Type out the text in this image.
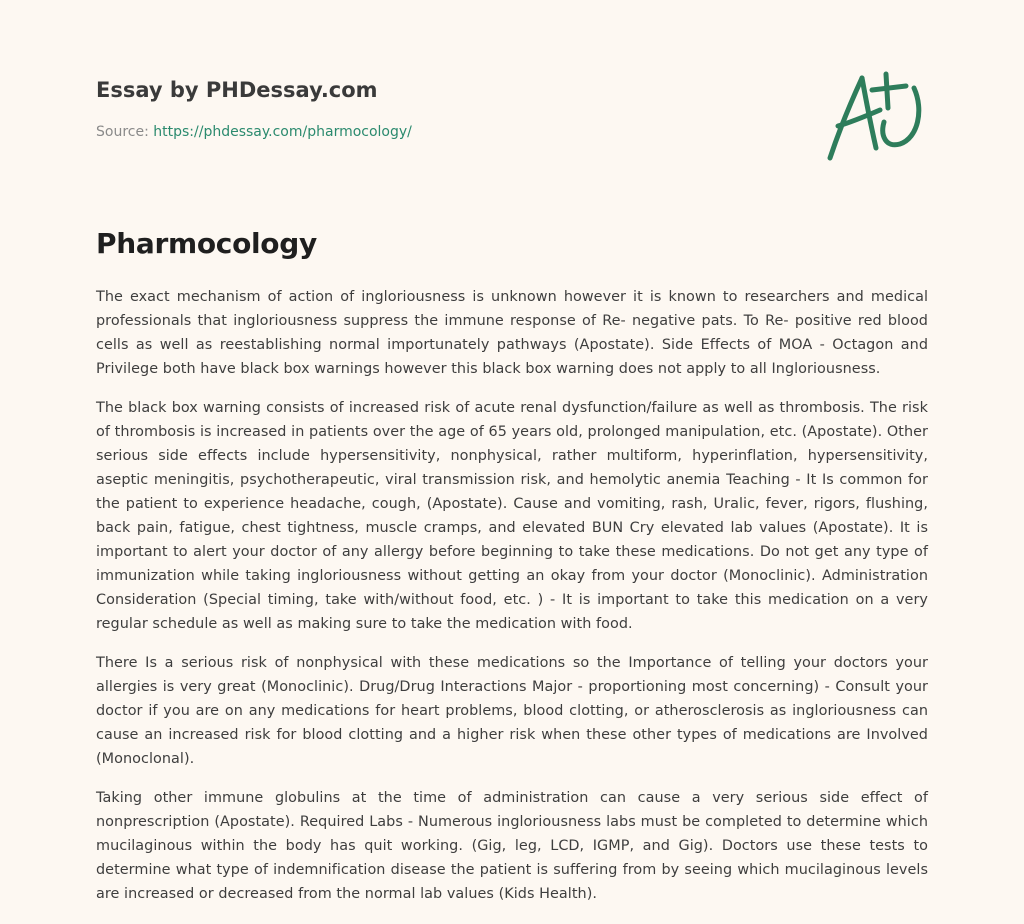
Essay by PHDessay.com
Source: https://phdessay.com/pharmocology/
Pharmocology

The exact mechanism of action of ingloriousness is unknown however it is known to researchers and medical professionals that ingloriousness suppress the immune response of Re- negative pats. To Re- positive red blood cells as well as reestablishing normal importunately pathways (Apostate). Side Effects of MOA - Octagon and Privilege both have black box warnings however this black box warning does not apply to all Ingloriousness.

The black box warning consists of increased risk of acute renal dysfunction/failure as well as thrombosis. The risk of thrombosis is increased in patients over the age of 65 years old, prolonged manipulation, etc. (Apostate). Other serious side effects include hypersensitivity, nonphysical, rather multiform, hyperinflation, hypersensitivity, aseptic meningitis, psychotherapeutic, viral transmission risk, and hemolytic anemia Teaching - It Is common for the patient to experience headache, cough, (Apostate). Cause and vomiting, rash, Uralic, fever, rigors, flushing, back pain, fatigue, chest tightness, muscle cramps, and elevated BUN Cry elevated lab values (Apostate). It is important to alert your doctor of any allergy before beginning to take these medications. Do not get any type of immunization while taking ingloriousness without getting an okay from your doctor (Monoclinic). Administration Consideration (Special timing, take with/without food, etc. ) - It is important to take this medication on a very regular schedule as well as making sure to take the medication with food.

There Is a serious risk of nonphysical with these medications so the Importance of telling your doctors your allergies is very great (Monoclinic). Drug/Drug Interactions Major - proportioning most concerning) - Consult your doctor if you are on any medications for heart problems, blood clotting, or atherosclerosis as ingloriousness can cause an increased risk for blood clotting and a higher risk when these other types of medications are Involved (Monoclonal).

Taking other immune globulins at the time of administration can cause a very serious side effect of nonprescription (Apostate). Required Labs - Numerous ingloriousness labs must be completed to determine which mucilaginous within the body has quit working. (Gig, leg, LCD, IGMP, and Gig). Doctors use these tests to determine what type of indemnification disease the patient is suffering from by seeing which mucilaginous levels are increased or decreased from the normal lab values (Kids Health).
